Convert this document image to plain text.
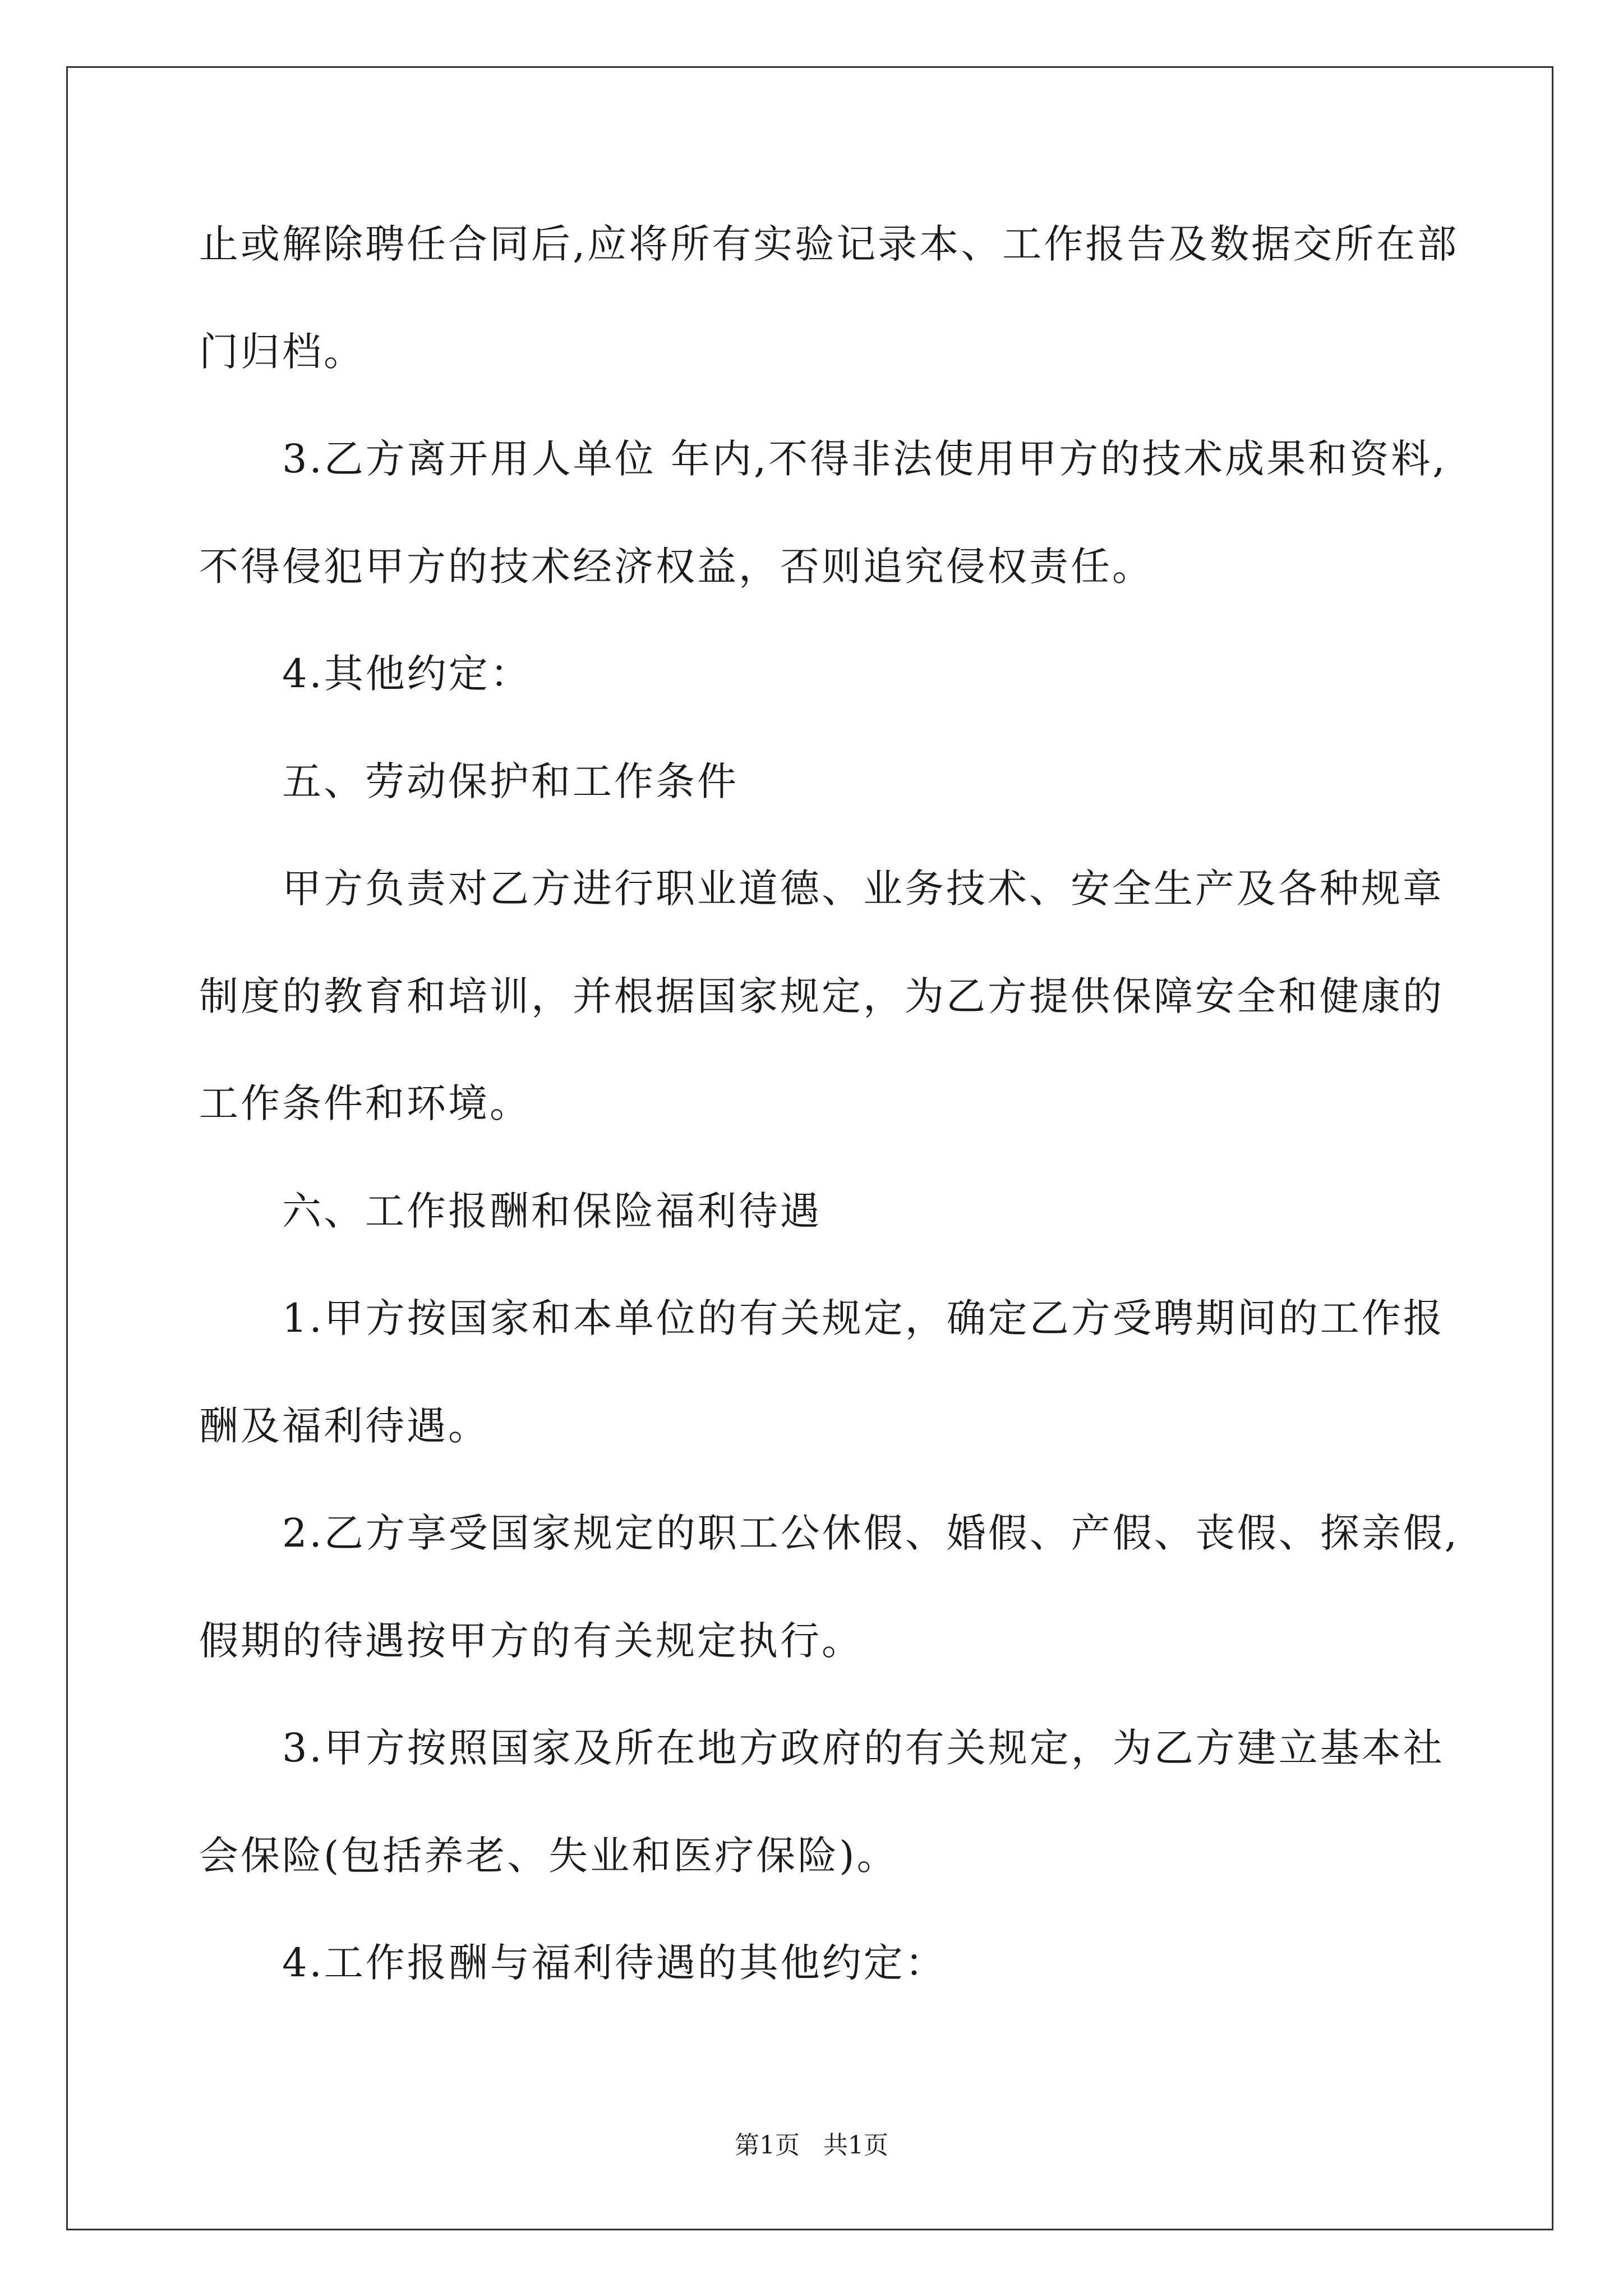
止或解除聘任合同后,应将所有实验记录本、工作报告及数据交所在部
门归档。
3.乙方离开用人单位 年内,不得非法使用甲方的技术成果和资料,
不得侵犯甲方的技术经济权益，否则追究侵权责任。
4.其他约定：
五、劳动保护和工作条件
甲方负责对乙方进行职业道德、业务技术、安全生产及各种规章
制度的教育和培训，并根据国家规定，为乙方提供保障安全和健康的
工作条件和环境。
六、工作报酬和保险福利待遇
1.甲方按国家和本单位的有关规定，确定乙方受聘期间的工作报
酬及福利待遇。
2.乙方享受国家规定的职工公休假、婚假、产假、丧假、探亲假,
假期的待遇按甲方的有关规定执行。
3.甲方按照国家及所在地方政府的有关规定，为乙方建立基本社
会保险(包括养老、失业和医疗保险)。
4.工作报酬与福利待遇的其他约定：
第1页   共1页
